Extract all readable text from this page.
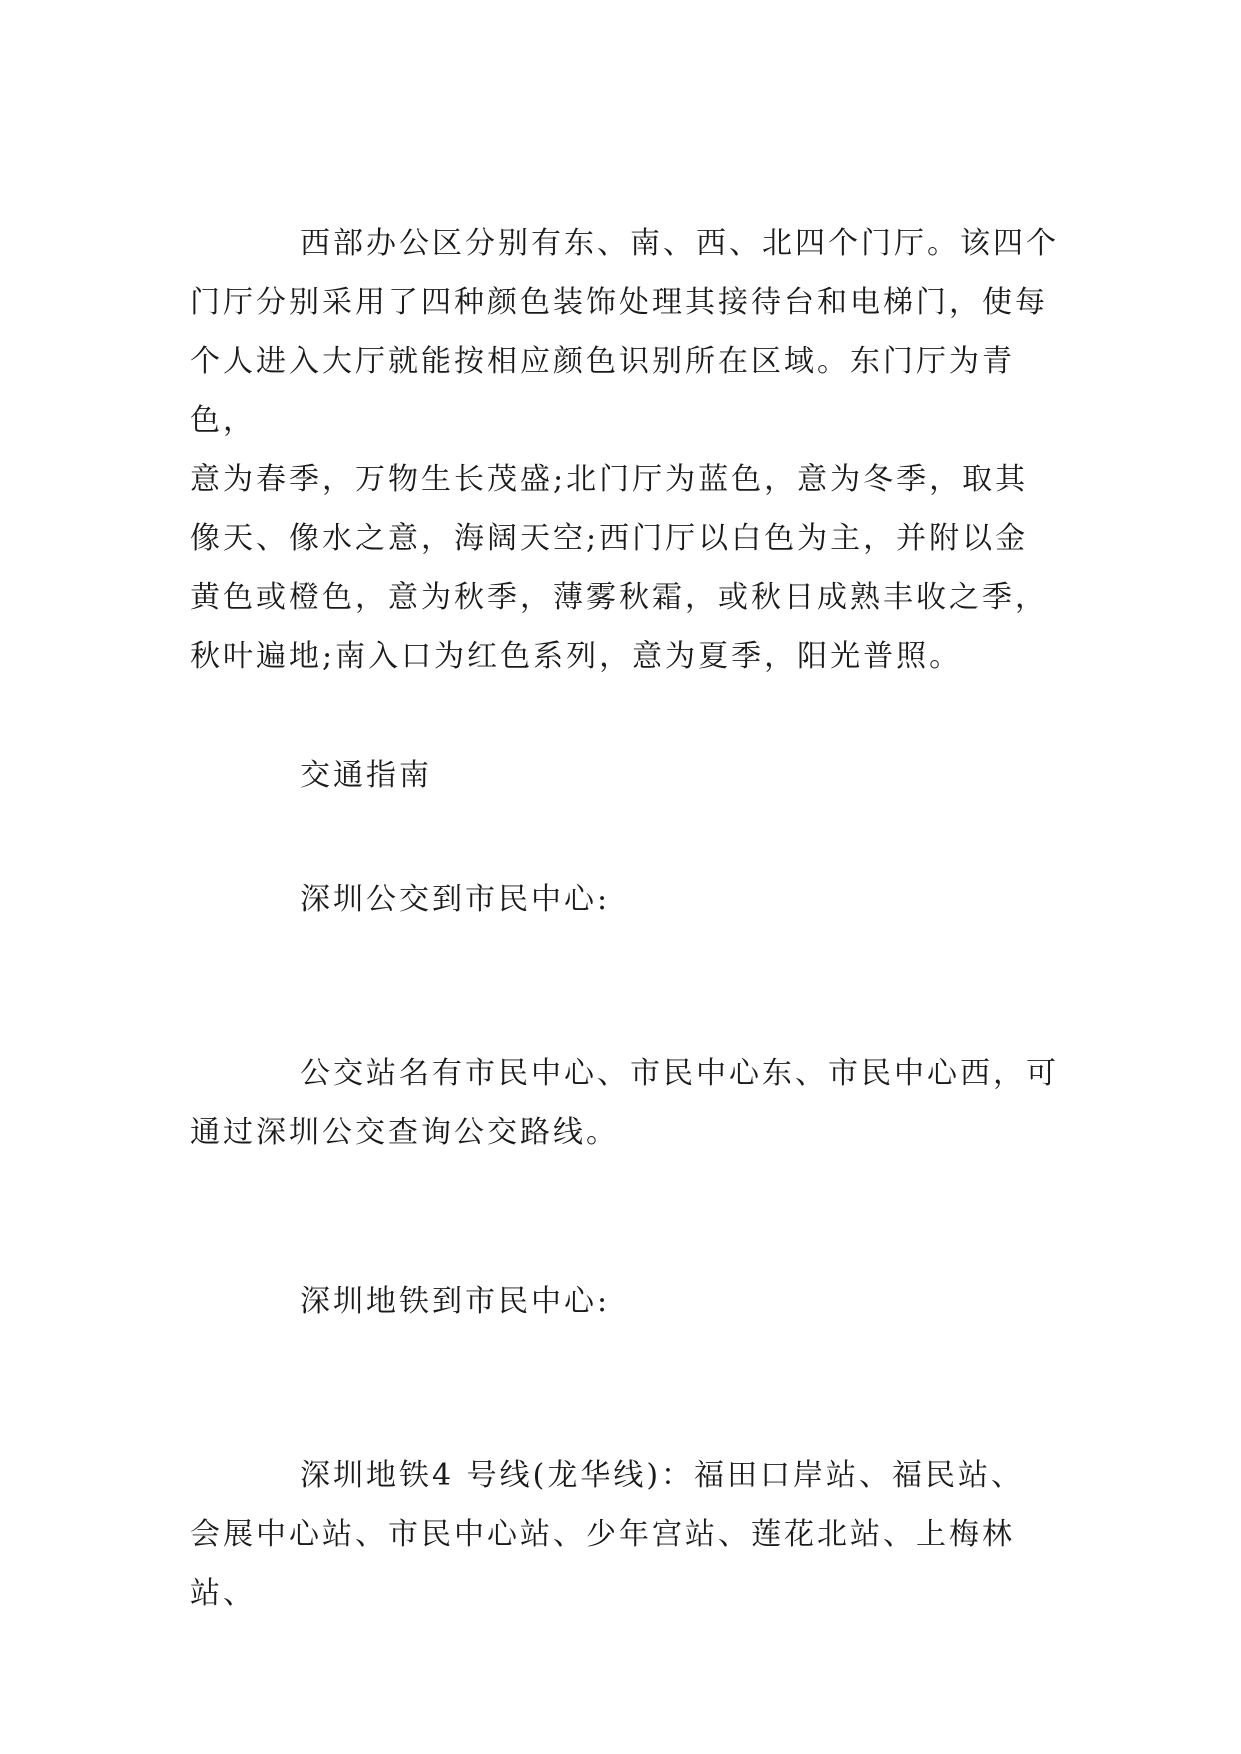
西部办公区分别有东、南、西、北四个门厅。该四个
门厅分别采用了四种颜色装饰处理其接待台和电梯门，使每
个人进入大厅就能按相应颜色识别所在区域。东门厅为青色，
意为春季，万物生长茂盛;北门厅为蓝色，意为冬季，取其
像天、像水之意，海阔天空;西门厅以白色为主，并附以金
黄色或橙色，意为秋季，薄雾秋霜，或秋日成熟丰收之季，
秋叶遍地;南入口为红色系列，意为夏季，阳光普照。
交通指南
深圳公交到市民中心:
公交站名有市民中心、市民中心东、市民中心西，可
通过深圳公交查询公交路线。
深圳地铁到市民中心:
深圳地铁4 号线(龙华线)：福田口岸站、福民站、
会展中心站、市民中心站、少年宫站、莲花北站、上梅林站、
